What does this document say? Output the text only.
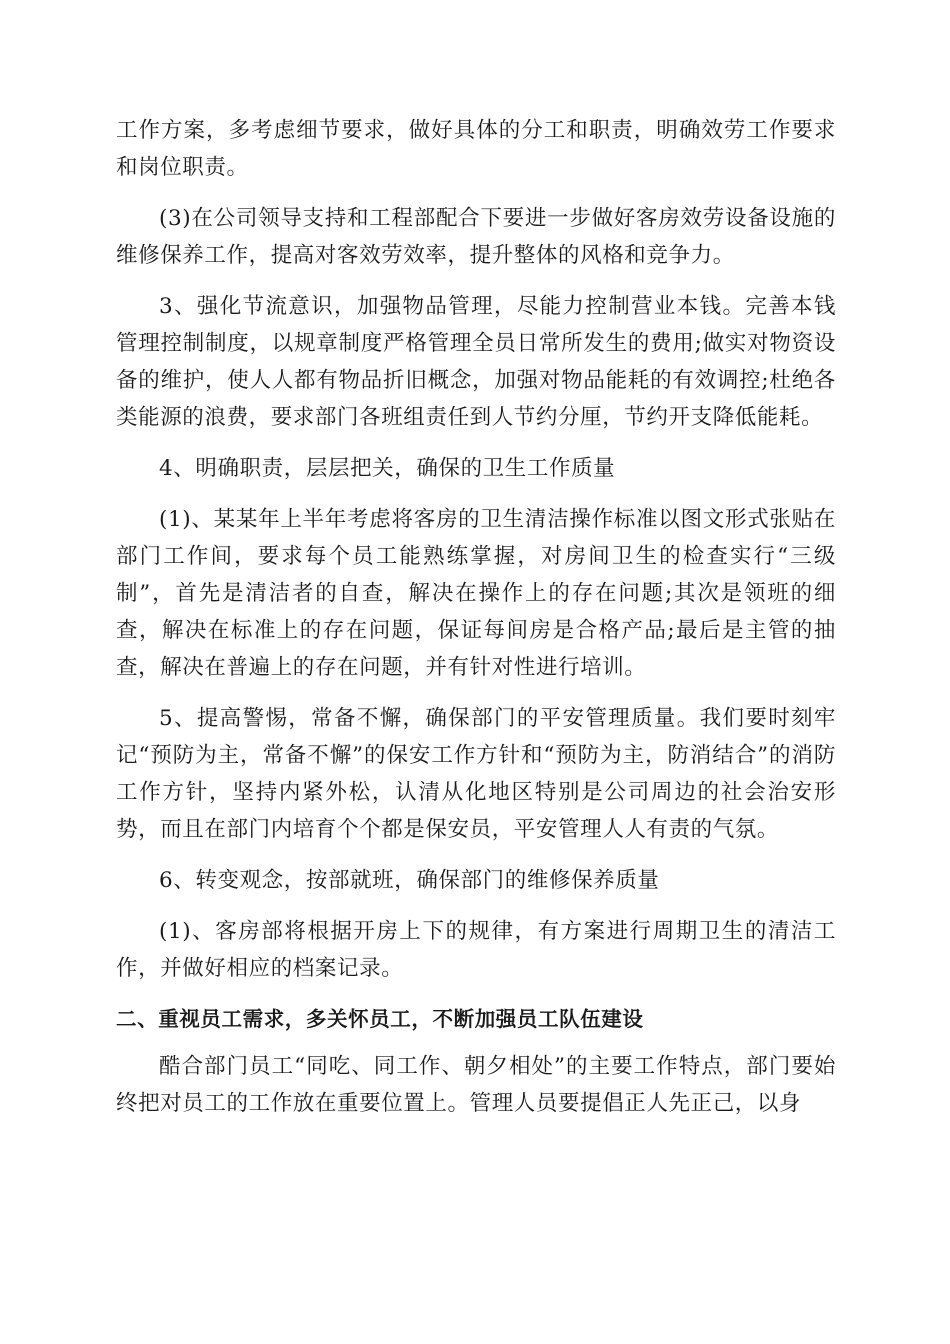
工作方案，多考虑细节要求，做好具体的分工和职责，明确效劳工作要求和岗位职责。

(3)在公司领导支持和工程部配合下要进一步做好客房效劳设备设施的维修保养工作，提高对客效劳效率，提升整体的风格和竞争力。

3、强化节流意识，加强物品管理，尽能力控制营业本钱。完善本钱管理控制制度，以规章制度严格管理全员日常所发生的费用;做实对物资设备的维护，使人人都有物品折旧概念，加强对物品能耗的有效调控;杜绝各类能源的浪费，要求部门各班组责任到人节约分厘，节约开支降低能耗。

4、明确职责，层层把关，确保的卫生工作质量

(1)、某某年上半年考虑将客房的卫生清洁操作标准以图文形式张贴在部门工作间，要求每个员工能熟练掌握，对房间卫生的检查实行“三级制”，首先是清洁者的自查，解决在操作上的存在问题;其次是领班的细查，解决在标准上的存在问题，保证每间房是合格产品;最后是主管的抽查，解决在普遍上的存在问题，并有针对性进行培训。

5、提高警惕，常备不懈，确保部门的平安管理质量。我们要时刻牢记“预防为主，常备不懈”的保安工作方针和“预防为主，防消结合”的消防工作方针，坚持内紧外松，认清从化地区特别是公司周边的社会治安形势，而且在部门内培育个个都是保安员，平安管理人人有责的气氛。

6、转变观念，按部就班，确保部门的维修保养质量

(1)、客房部将根据开房上下的规律，有方案进行周期卫生的清洁工作，并做好相应的档案记录。

二、重视员工需求，多关怀员工，不断加强员工队伍建设

酷合部门员工“同吃、同工作、朝夕相处”的主要工作特点，部门要始终把对员工的工作放在重要位置上。管理人员要提倡正人先正己，以身
